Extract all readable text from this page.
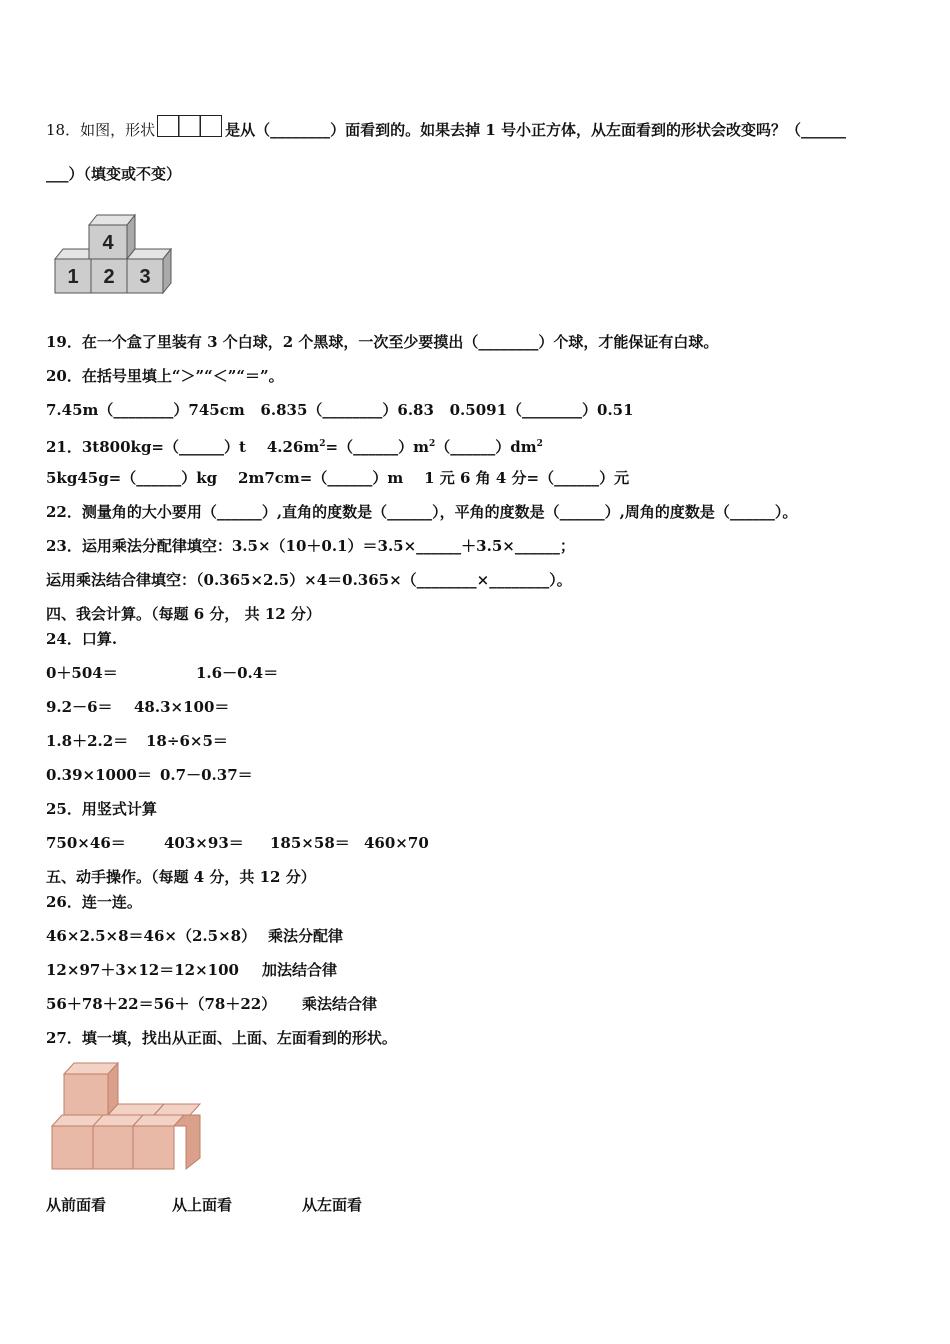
18．如图，形状	是从（________）面看到的。如果去掉 1 号小正方体，从左面看到的形状会改变吗？（______
___）（填变或不变）
4
1 2 3
19．在一个盒了里装有 3 个白球，2 个黑球，一次至少要摸出（________）个球，才能保证有白球。
20．在括号里填上“＞”“＜”“＝”。
7.45m（________）745cm 6.835（________）6.83 0.5091（________）0.51
21．3t800kg=（______）t $4.26m^2=(\_\_\_\_\_\_)m^2(\_\_\_\_\_\_)dm^2$
5kg45g=（______）kg 2m7cm=（______）m 1 元 6 角 4 分=（______）元
22．测量角的大小要用（______）,直角的度数是（______），平角的度数是（______）,周角的度数是（______）。
23．运用乘法分配律填空：3.5×（10＋0.1）＝3.5×______＋3.5×______；
运用乘法结合律填空：（0.365×2.5）×4＝0.365×（________×________）。
四、我会计算。（每题 6 分， 共 12 分）
24．口算.
0＋504＝	1.6－0.4＝
9.2－6＝ 48.3×100＝
1.8＋2.2＝ 18÷6×5＝
0.39×1000＝ 0.7－0.37＝
25．用竖式计算
750×46＝	403×93＝ 185×58＝ 460×70
五、动手操作。（每题 4 分，共 12 分）
26．连一连。
46×2.5×8＝46×（2.5×8） 乘法分配律
12×97＋3×12＝12×100 加法结合律
56＋78＋22＝56＋（78＋22） 乘法结合律
27．填一填，找出从正面、上面、左面看到的形状。
从前面看	从上面看	从左面看
